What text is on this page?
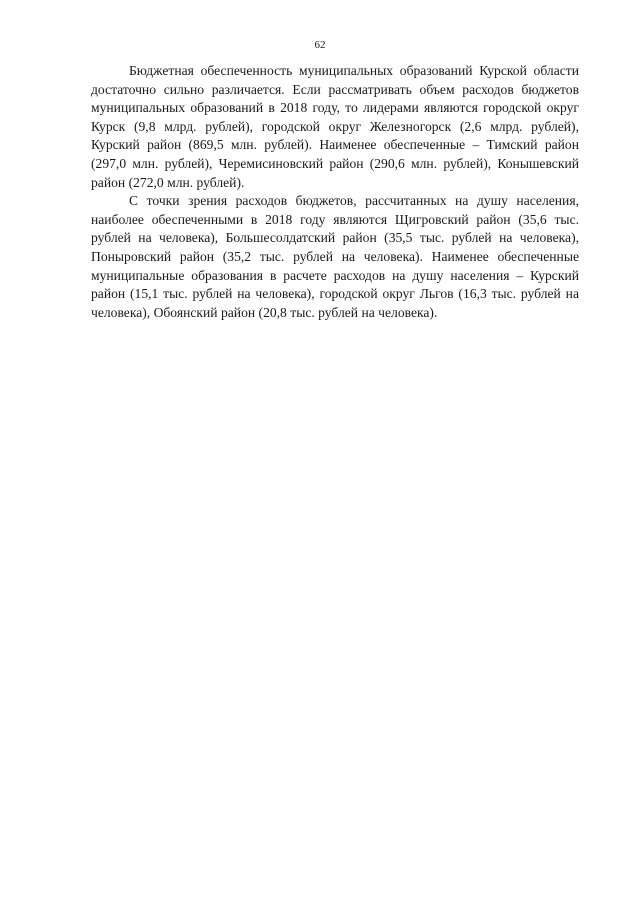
62

Бюджетная обеспеченность муниципальных образований Курской области достаточно сильно различается. Если рассматривать объем расходов бюджетов муниципальных образований в 2018 году, то лидерами являются городской округ Курск (9,8 млрд. рублей), городской округ Железногорск (2,6 млрд. рублей), Курский район (869,5 млн. рублей). Наименее обеспеченные – Тимский район (297,0 млн. рублей), Черемисиновский район (290,6 млн. рублей), Конышевский район (272,0 млн. рублей).

С точки зрения расходов бюджетов, рассчитанных на душу населения, наиболее обеспеченными в 2018 году являются Щигровский район (35,6 тыс. рублей на человека), Большесолдатский район (35,5 тыс. рублей на человека), Поныровский район (35,2 тыс. рублей на человека). Наименее обеспеченные муниципальные образования в расчете расходов на душу населения – Курский район (15,1 тыс. рублей на человека), городской округ Льгов (16,3 тыс. рублей на человека), Обоянский район (20,8 тыс. рублей на человека).
